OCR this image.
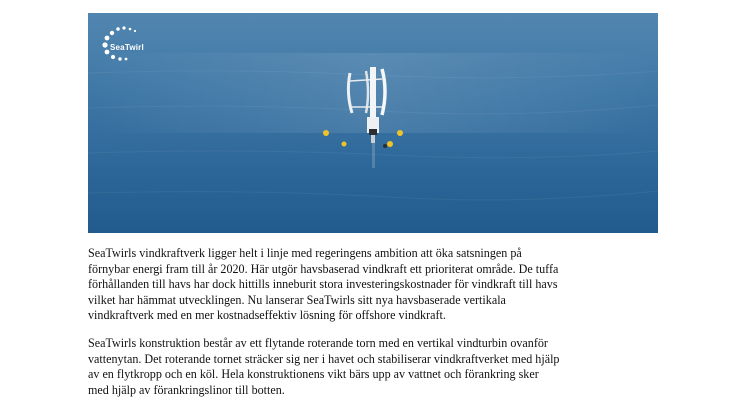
SeaTwirl

SeaTwirls vindkraftverk ligger helt i linje med regeringens ambition att öka satsningen på
förnybar energi fram till år 2020. Här utgör havsbaserad vindkraft ett prioriterat område. De tuffa
förhållanden till havs har dock hittills inneburit stora investeringskostnader för vindkraft till havs
vilket har hämmat utvecklingen. Nu lanserar SeaTwirls sitt nya havsbaserade vertikala
vindkraftverk med en mer kostnadseffektiv lösning för offshore vindkraft.

SeaTwirls konstruktion består av ett flytande roterande torn med en vertikal vindturbin ovanför
vattenytan. Det roterande tornet sträcker sig ner i havet och stabiliserar vindkraftverket med hjälp
av en flytkropp och en köl. Hela konstruktionens vikt bärs upp av vattnet och förankring sker
med hjälp av förankringslinor till botten.
